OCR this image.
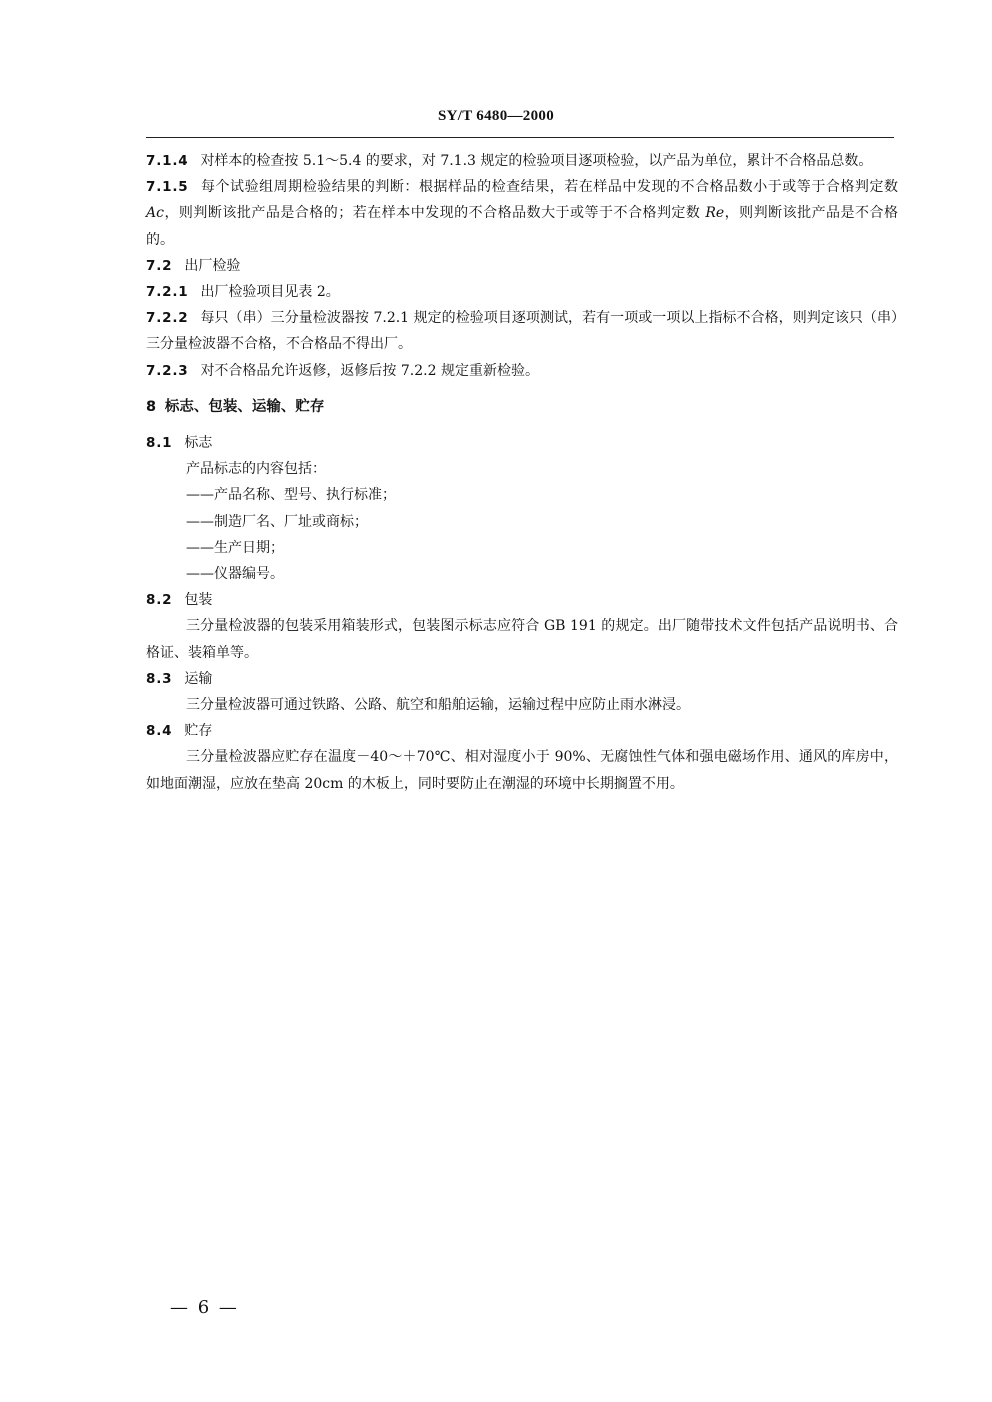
SY/T 6480—2000

7.1.4 对样本的检查按 5.1～5.4 的要求，对 7.1.3 规定的检验项目逐项检验，以产品为单位，累计不合格品总数。

7.1.5 每个试验组周期检验结果的判断：根据样品的检查结果，若在样品中发现的不合格品数小于或等于合格判定数 Ac，则判断该批产品是合格的；若在样本中发现的不合格品数大于或等于不合格判定数 Re，则判断该批产品是不合格的。

7.2 出厂检验

7.2.1 出厂检验项目见表 2。

7.2.2 每只（串）三分量检波器按 7.2.1 规定的检验项目逐项测试，若有一项或一项以上指标不合格，则判定该只（串）三分量检波器不合格，不合格品不得出厂。

7.2.3 对不合格品允许返修，返修后按 7.2.2 规定重新检验。

8 标志、包装、运输、贮存

8.1 标志

产品标志的内容包括：

——产品名称、型号、执行标准；

——制造厂名、厂址或商标；

——生产日期；

——仪器编号。

8.2 包装

三分量检波器的包装采用箱装形式，包装图示标志应符合 GB 191 的规定。出厂随带技术文件包括产品说明书、合格证、装箱单等。

8.3 运输

三分量检波器可通过铁路、公路、航空和船舶运输，运输过程中应防止雨水淋浸。

8.4 贮存

三分量检波器应贮存在温度－40～＋70℃、相对湿度小于 90%、无腐蚀性气体和强电磁场作用、通风的库房中，如地面潮湿，应放在垫高 20cm 的木板上，同时要防止在潮湿的环境中长期搁置不用。

— 6 —
